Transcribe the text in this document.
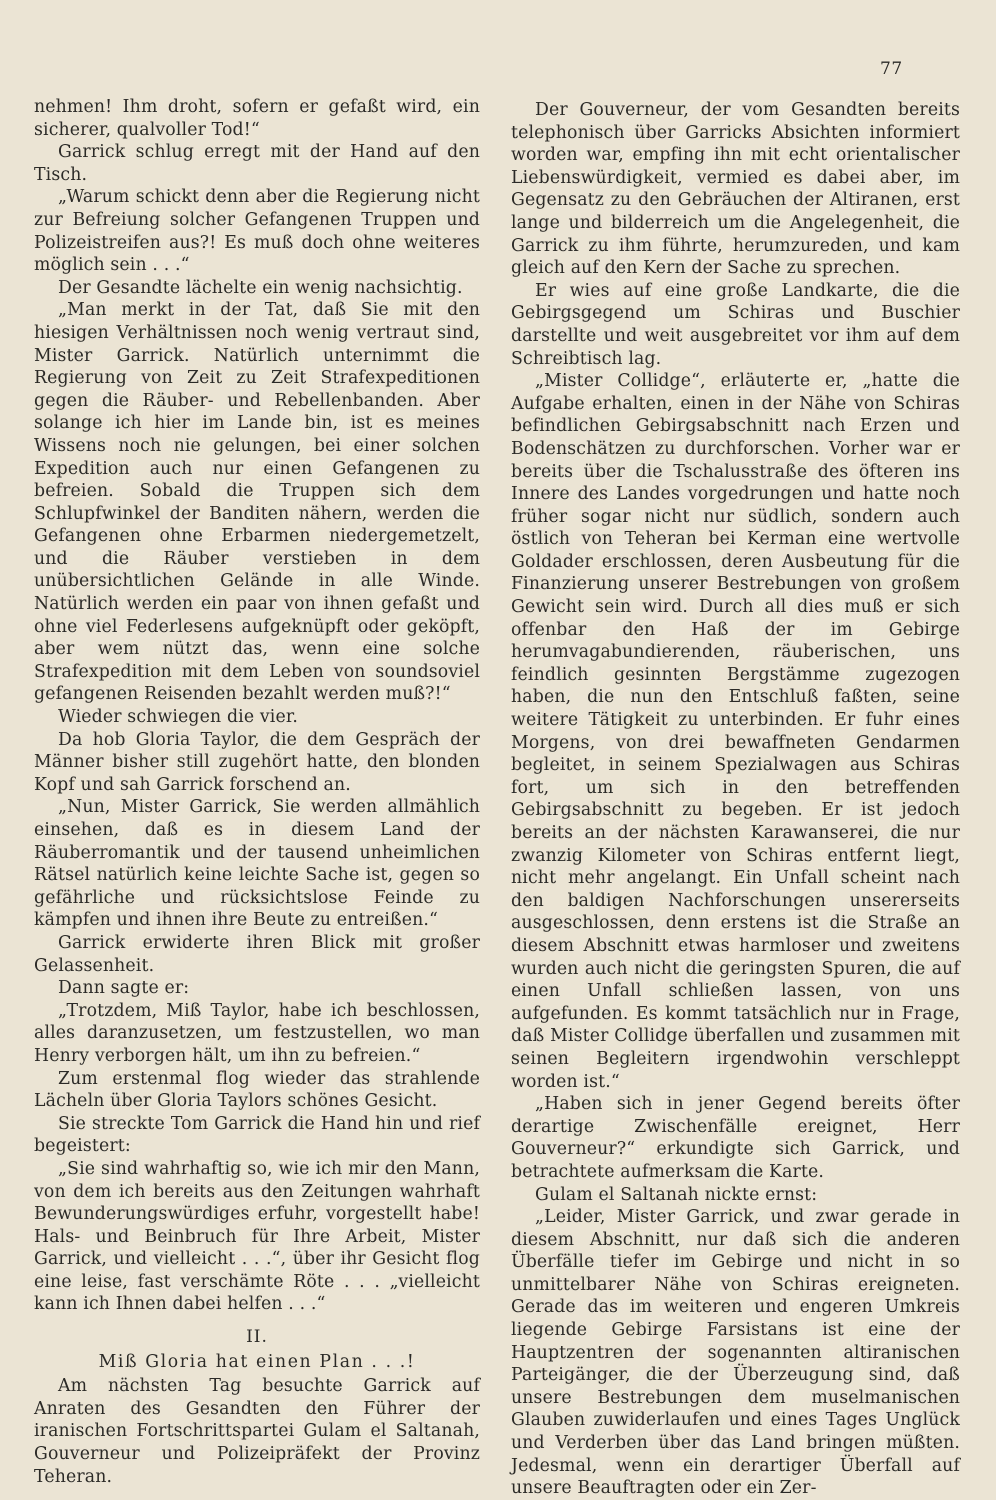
77

nehmen! Ihm droht, sofern er gefaßt wird, ein sicherer, qualvoller Tod!“

Garrick schlug erregt mit der Hand auf den Tisch.

„Warum schickt denn aber die Regierung nicht zur Befreiung solcher Gefangenen Truppen und Polizeistreifen aus?! Es muß doch ohne weiteres möglich sein . . .“

Der Gesandte lächelte ein wenig nachsichtig.

„Man merkt in der Tat, daß Sie mit den hiesigen Verhältnissen noch wenig vertraut sind, Mister Garrick. Natürlich unternimmt die Regierung von Zeit zu Zeit Strafexpeditionen gegen die Räuber- und Rebellenbanden. Aber solange ich hier im Lande bin, ist es meines Wissens noch nie gelungen, bei einer solchen Expedition auch nur einen Gefangenen zu befreien. Sobald die Truppen sich dem Schlupfwinkel der Banditen nähern, werden die Gefangenen ohne Erbarmen niedergemetzelt, und die Räuber verstieben in dem unübersichtlichen Gelände in alle Winde. Natürlich werden ein paar von ihnen gefaßt und ohne viel Federlesens aufgeknüpft oder geköpft, aber wem nützt das, wenn eine solche Strafexpedition mit dem Leben von soundsoviel gefangenen Reisenden bezahlt werden muß?!“

Wieder schwiegen die vier.

Da hob Gloria Taylor, die dem Gespräch der Männer bisher still zugehört hatte, den blonden Kopf und sah Garrick forschend an.

„Nun, Mister Garrick, Sie werden allmählich einsehen, daß es in diesem Land der Räuberromantik und der tausend unheimlichen Rätsel natürlich keine leichte Sache ist, gegen so gefährliche und rücksichtslose Feinde zu kämpfen und ihnen ihre Beute zu entreißen.“

Garrick erwiderte ihren Blick mit großer Gelassenheit.

Dann sagte er:

„Trotzdem, Miß Taylor, habe ich beschlossen, alles daranzusetzen, um festzustellen, wo man Henry verborgen hält, um ihn zu befreien.“

Zum erstenmal flog wieder das strahlende Lächeln über Gloria Taylors schönes Gesicht.

Sie streckte Tom Garrick die Hand hin und rief begeistert:

„Sie sind wahrhaftig so, wie ich mir den Mann, von dem ich bereits aus den Zeitungen wahrhaft Bewunderungswürdiges erfuhr, vorgestellt habe! Hals- und Beinbruch für Ihre Arbeit, Mister Garrick, und vielleicht . . .“, über ihr Gesicht flog eine leise, fast verschämte Röte . . . „vielleicht kann ich Ihnen dabei helfen . . .“

II.
Miß Gloria hat einen Plan . . .!

Am nächsten Tag besuchte Garrick auf Anraten des Gesandten den Führer der iranischen Fortschrittspartei Gulam el Saltanah, Gouverneur und Polizeipräfekt der Provinz Teheran.

Der Gouverneur, der vom Gesandten bereits telephonisch über Garricks Absichten informiert worden war, empfing ihn mit echt orientalischer Liebenswürdigkeit, vermied es dabei aber, im Gegensatz zu den Gebräuchen der Altiranen, erst lange und bilderreich um die Angelegenheit, die Garrick zu ihm führte, herumzureden, und kam gleich auf den Kern der Sache zu sprechen.

Er wies auf eine große Landkarte, die die Gebirgsgegend um Schiras und Buschier darstellte und weit ausgebreitet vor ihm auf dem Schreibtisch lag.

„Mister Collidge“, erläuterte er, „hatte die Aufgabe erhalten, einen in der Nähe von Schiras befindlichen Gebirgsabschnitt nach Erzen und Bodenschätzen zu durchforschen. Vorher war er bereits über die Tschalusstraße des öfteren ins Innere des Landes vorgedrungen und hatte noch früher sogar nicht nur südlich, sondern auch östlich von Teheran bei Kerman eine wertvolle Goldader erschlossen, deren Ausbeutung für die Finanzierung unserer Bestrebungen von großem Gewicht sein wird. Durch all dies muß er sich offenbar den Haß der im Gebirge herumvagabundierenden, räuberischen, uns feindlich gesinnten Bergstämme zugezogen haben, die nun den Entschluß faßten, seine weitere Tätigkeit zu unterbinden. Er fuhr eines Morgens, von drei bewaffneten Gendarmen begleitet, in seinem Spezialwagen aus Schiras fort, um sich in den betreffenden Gebirgsabschnitt zu begeben. Er ist jedoch bereits an der nächsten Karawanserei, die nur zwanzig Kilometer von Schiras entfernt liegt, nicht mehr angelangt. Ein Unfall scheint nach den baldigen Nachforschungen unsererseits ausgeschlossen, denn erstens ist die Straße an diesem Abschnitt etwas harmloser und zweitens wurden auch nicht die geringsten Spuren, die auf einen Unfall schließen lassen, von uns aufgefunden. Es kommt tatsächlich nur in Frage, daß Mister Collidge überfallen und zusammen mit seinen Begleitern irgendwohin verschleppt worden ist.“

„Haben sich in jener Gegend bereits öfter derartige Zwischenfälle ereignet, Herr Gouverneur?“ erkundigte sich Garrick, und betrachtete aufmerksam die Karte.

Gulam el Saltanah nickte ernst:

„Leider, Mister Garrick, und zwar gerade in diesem Abschnitt, nur daß sich die anderen Überfälle tiefer im Gebirge und nicht in so unmittelbarer Nähe von Schiras ereigneten. Gerade das im weiteren und engeren Umkreis liegende Gebirge Farsistans ist eine der Hauptzentren der sogenannten altiranischen Parteigänger, die der Überzeugung sind, daß unsere Bestrebungen dem muselmanischen Glauben zuwiderlaufen und eines Tages Unglück und Verderben über das Land bringen müßten. Jedesmal, wenn ein derartiger Überfall auf unsere Beauftragten oder ein Zer-
